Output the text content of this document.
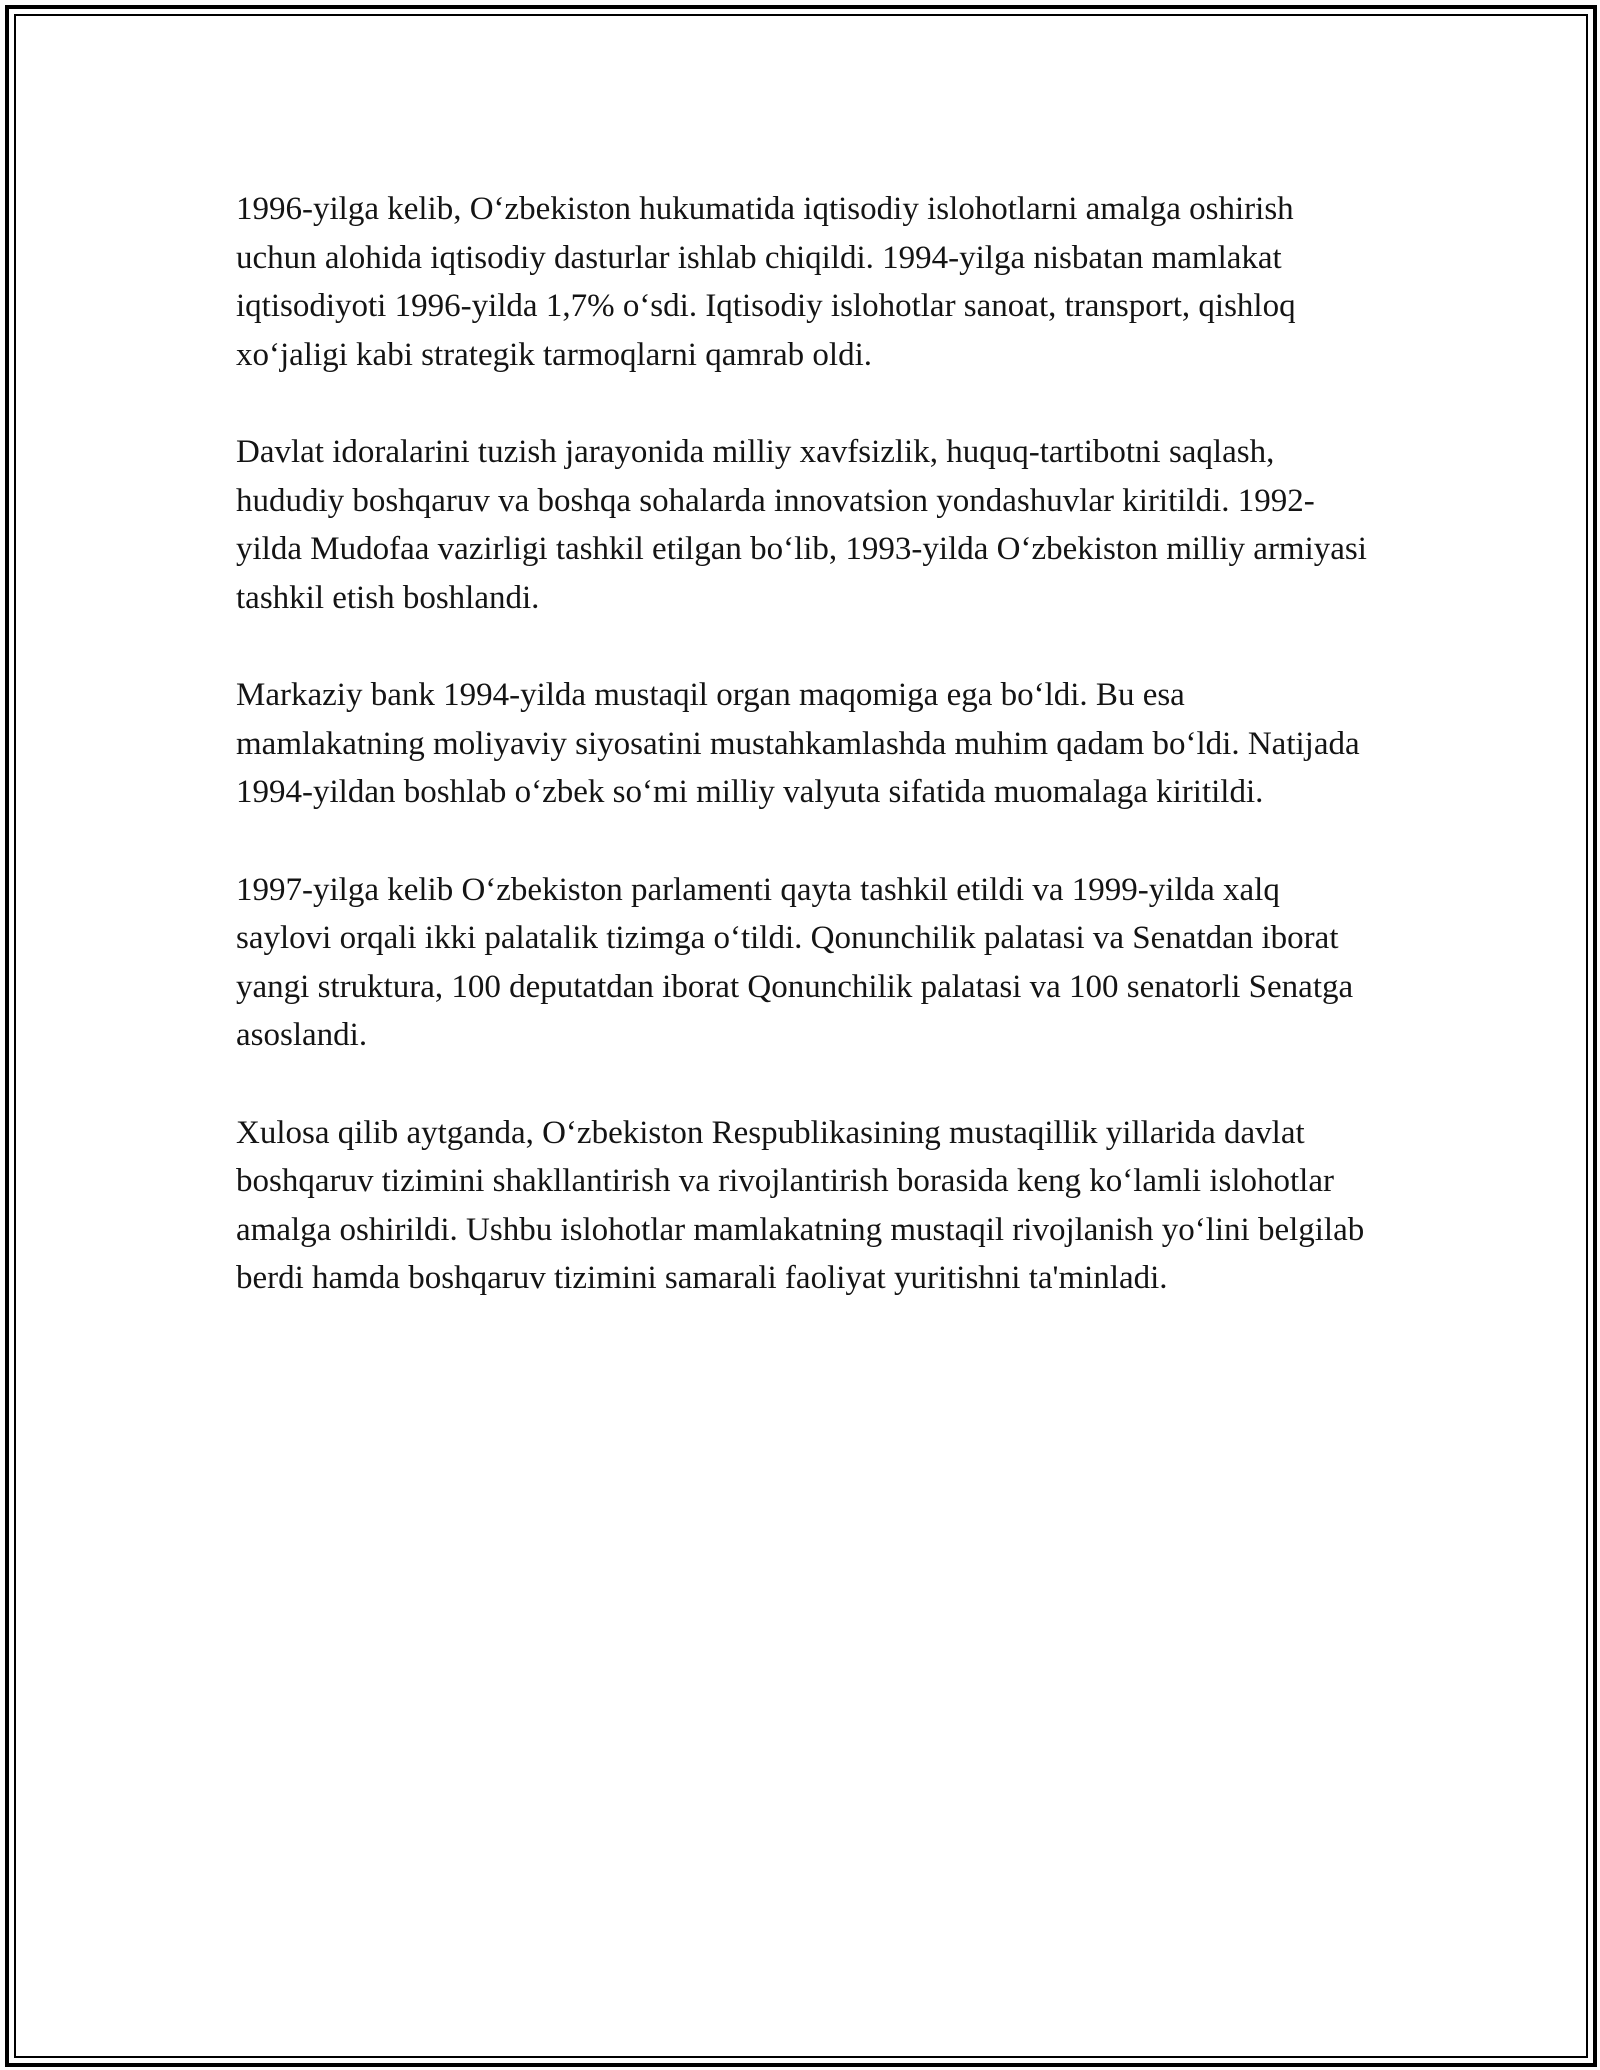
1996-yilga kelib, O‘zbekiston hukumatida iqtisodiy islohotlarni amalga oshirish uchun alohida iqtisodiy dasturlar ishlab chiqildi. 1994-yilga nisbatan mamlakat iqtisodiyoti 1996-yilda 1,7% o‘sdi. Iqtisodiy islohotlar sanoat, transport, qishloq xo‘jaligi kabi strategik tarmoqlarni qamrab oldi.

Davlat idoralarini tuzish jarayonida milliy xavfsizlik, huquq-tartibotni saqlash, hududiy boshqaruv va boshqa sohalarda innovatsion yondashuvlar kiritildi. 1992-yilda Mudofaa vazirligi tashkil etilgan bo‘lib, 1993-yilda O‘zbekiston milliy armiyasi tashkil etish boshlandi.

Markaziy bank 1994-yilda mustaqil organ maqomiga ega bo‘ldi. Bu esa mamlakatning moliyaviy siyosatini mustahkamlashda muhim qadam bo‘ldi. Natijada 1994-yildan boshlab o‘zbek so‘mi milliy valyuta sifatida muomalaga kiritildi.

1997-yilga kelib O‘zbekiston parlamenti qayta tashkil etildi va 1999-yilda xalq saylovi orqali ikki palatalik tizimga o‘tildi. Qonunchilik palatasi va Senatdan iborat yangi struktura, 100 deputatdan iborat Qonunchilik palatasi va 100 senatorli Senatga asoslandi.

Xulosa qilib aytganda, O‘zbekiston Respublikasining mustaqillik yillarida davlat boshqaruv tizimini shakllantirish va rivojlantirish borasida keng ko‘lamli islohotlar amalga oshirildi. Ushbu islohotlar mamlakatning mustaqil rivojlanish yo‘lini belgilab berdi hamda boshqaruv tizimini samarali faoliyat yuritishni ta'minladi.
